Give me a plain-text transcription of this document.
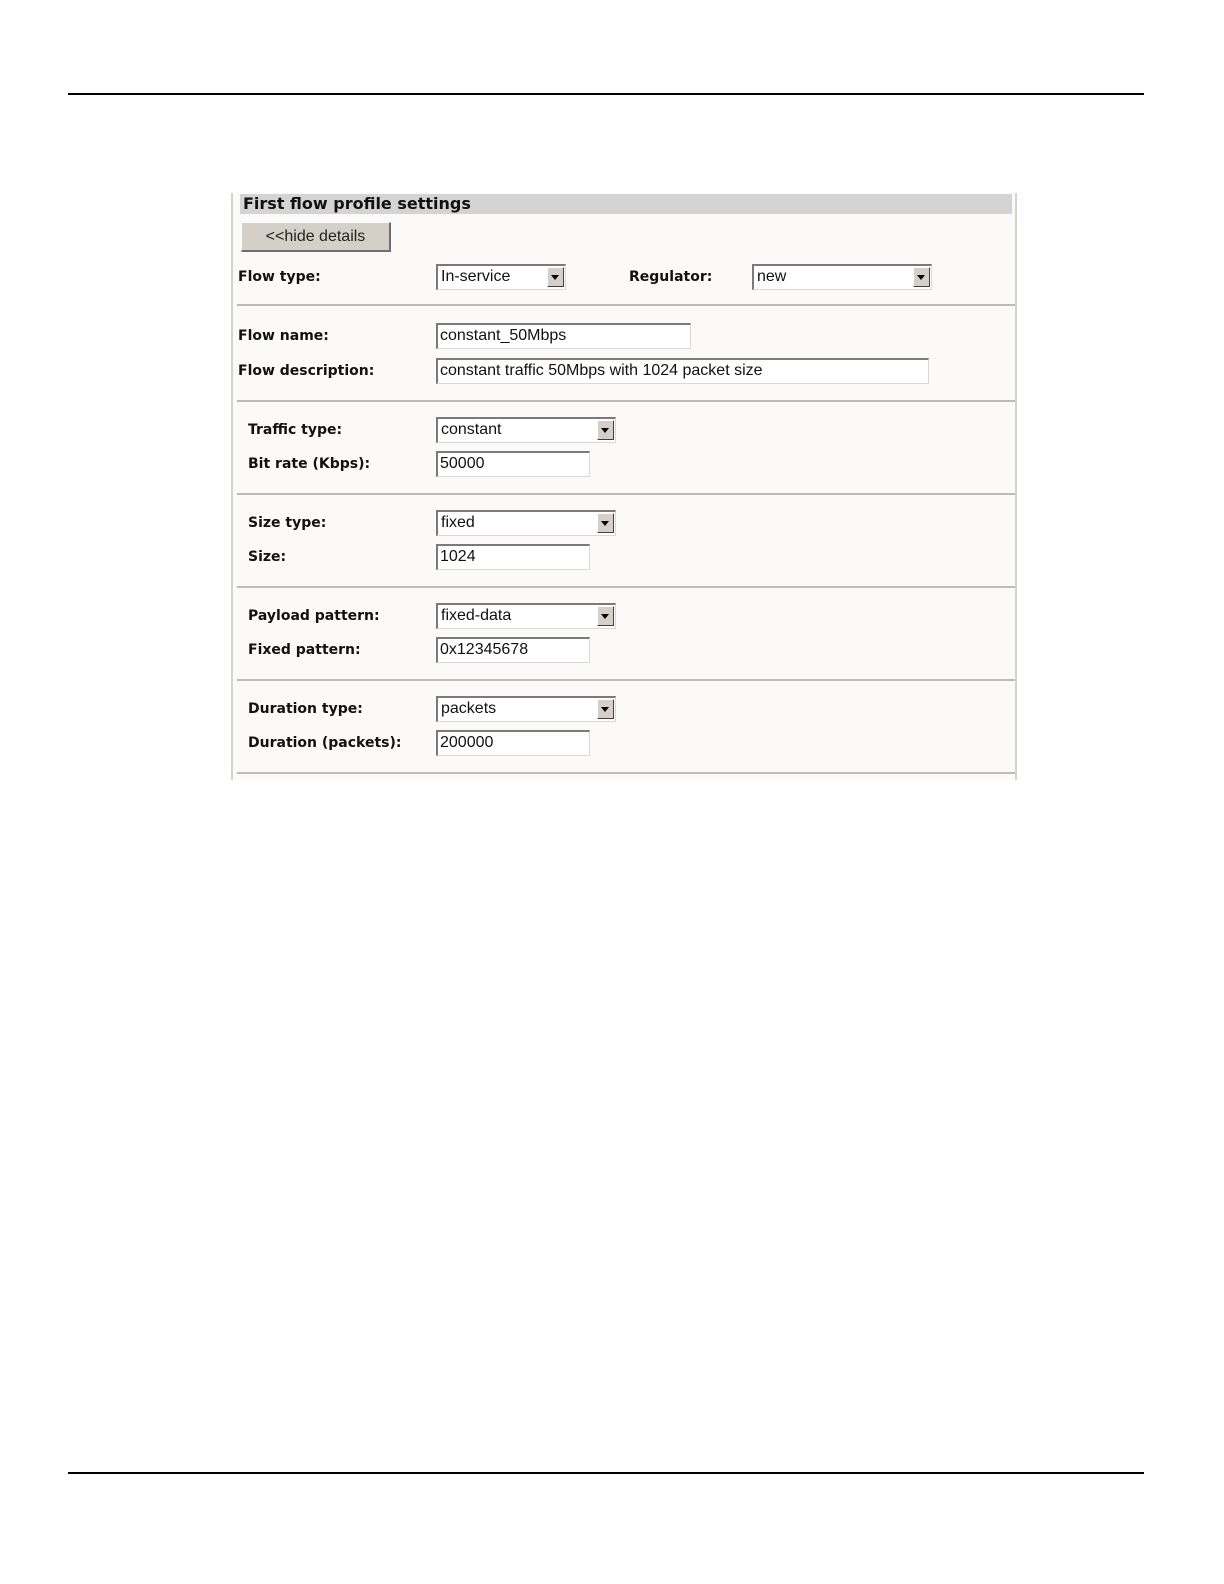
First flow profile settings
<<hide details
Flow type:	In-service	Regulator:	new
Flow name:	constant_50Mbps
Flow description:	constant traffic 50Mbps with 1024 packet size
Traffic type:	constant
Bit rate (Kbps):	50000
Size type:	fixed
Size:	1024
Payload pattern:	fixed-data
Fixed pattern:	0x12345678
Duration type:	packets
Duration (packets): 200000
